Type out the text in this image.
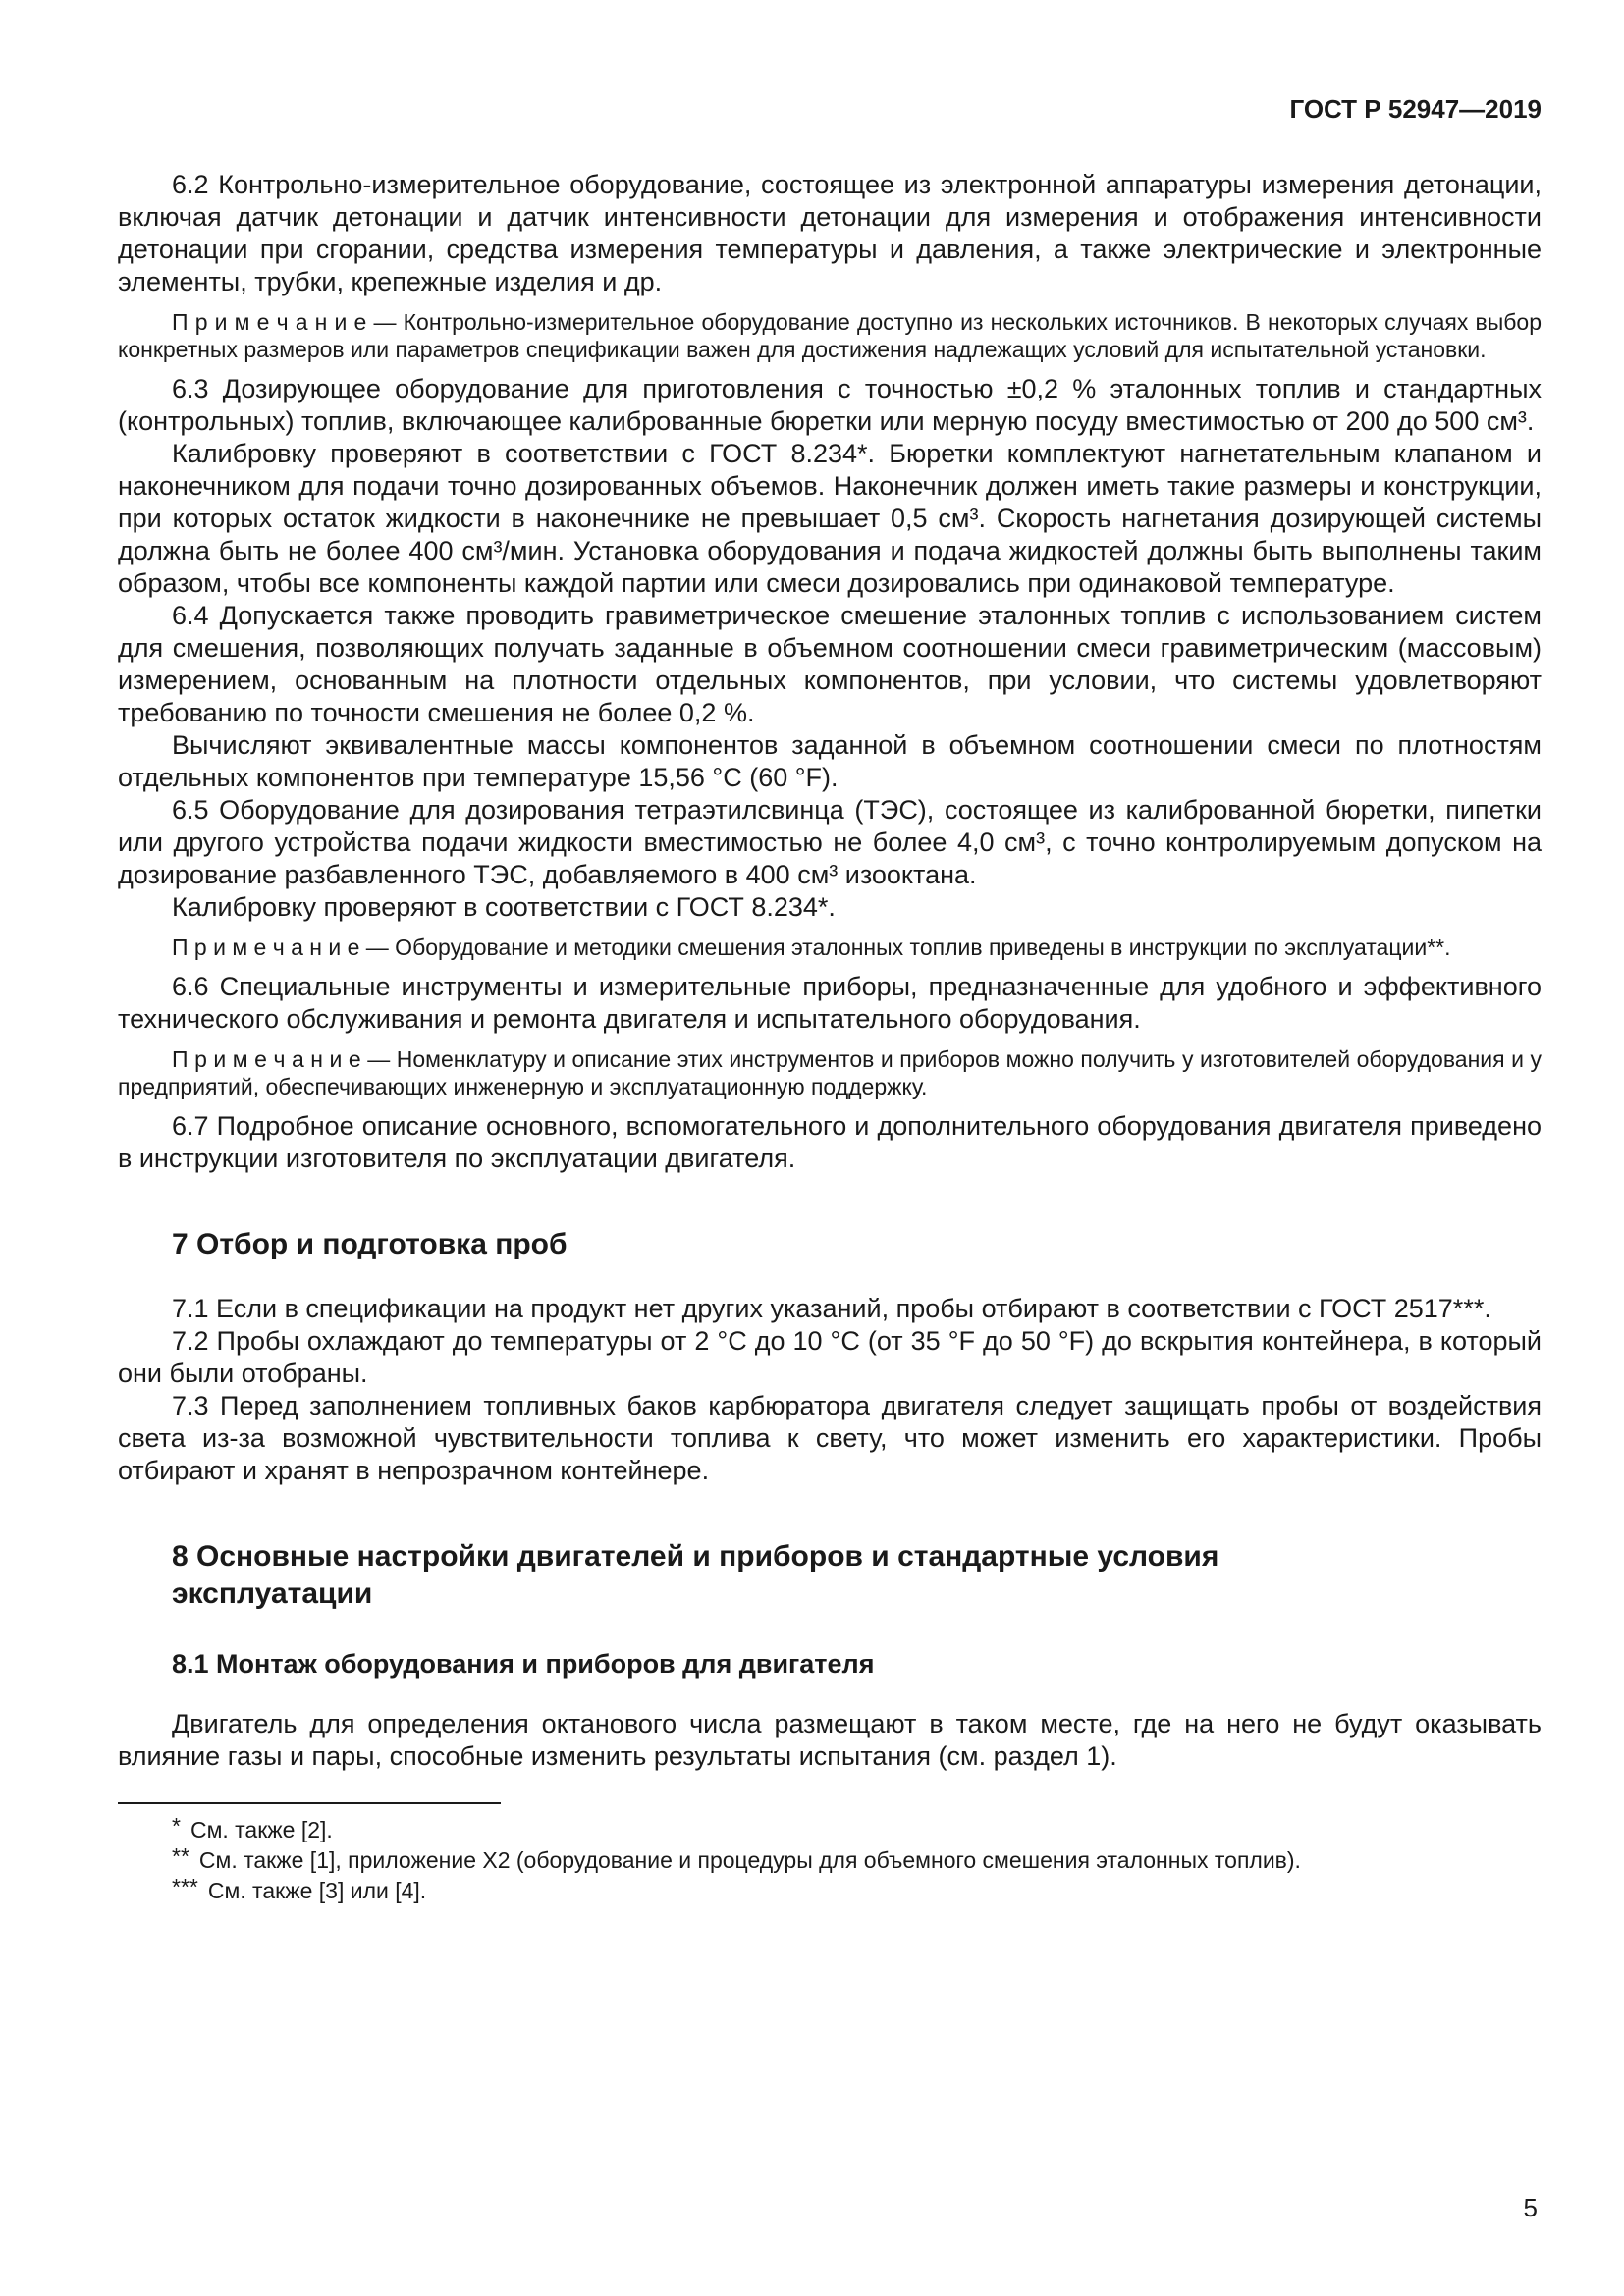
ГОСТ Р 52947—2019

6.2 Контрольно-измерительное оборудование, состоящее из электронной аппаратуры измерения детонации, включая датчик детонации и датчик интенсивности детонации для измерения и отображения интенсивности детонации при сгорании, средства измерения температуры и давления, а также электрические и электронные элементы, трубки, крепежные изделия и др.

П р и м е ч а н и е — Контрольно-измерительное оборудование доступно из нескольких источников. В некоторых случаях выбор конкретных размеров или параметров спецификации важен для достижения надлежащих условий для испытательной установки.

6.3 Дозирующее оборудование для приготовления с точностью ±0,2 % эталонных топлив и стандартных (контрольных) топлив, включающее калиброванные бюретки или мерную посуду вместимостью от 200 до 500 см³.

Калибровку проверяют в соответствии с ГОСТ 8.234*. Бюретки комплектуют нагнетательным клапаном и наконечником для подачи точно дозированных объемов. Наконечник должен иметь такие размеры и конструкции, при которых остаток жидкости в наконечнике не превышает 0,5 см³. Скорость нагнетания дозирующей системы должна быть не более 400 см³/мин. Установка оборудования и подача жидкостей должны быть выполнены таким образом, чтобы все компоненты каждой партии или смеси дозировались при одинаковой температуре.

6.4 Допускается также проводить гравиметрическое смешение эталонных топлив с использованием систем для смешения, позволяющих получать заданные в объемном соотношении смеси гравиметрическим (массовым) измерением, основанным на плотности отдельных компонентов, при условии, что системы удовлетворяют требованию по точности смешения не более 0,2 %.

Вычисляют эквивалентные массы компонентов заданной в объемном соотношении смеси по плотностям отдельных компонентов при температуре 15,56 °С (60 °F).

6.5 Оборудование для дозирования тетраэтилсвинца (ТЭС), состоящее из калиброванной бюретки, пипетки или другого устройства подачи жидкости вместимостью не более 4,0 см³, с точно контролируемым допуском на дозирование разбавленного ТЭС, добавляемого в 400 см³ изооктана.

Калибровку проверяют в соответствии с ГОСТ 8.234*.

П р и м е ч а н и е — Оборудование и методики смешения эталонных топлив приведены в инструкции по эксплуатации**.

6.6 Специальные инструменты и измерительные приборы, предназначенные для удобного и эффективного технического обслуживания и ремонта двигателя и испытательного оборудования.

П р и м е ч а н и е — Номенклатуру и описание этих инструментов и приборов можно получить у изготовителей оборудования и у предприятий, обеспечивающих инженерную и эксплуатационную поддержку.

6.7 Подробное описание основного, вспомогательного и дополнительного оборудования двигателя приведено в инструкции изготовителя по эксплуатации двигателя.

7 Отбор и подготовка проб

7.1 Если в спецификации на продукт нет других указаний, пробы отбирают в соответствии с ГОСТ 2517***.

7.2 Пробы охлаждают до температуры от 2 °С до 10 °С (от 35 °F до 50 °F) до вскрытия контейнера, в который они были отобраны.

7.3 Перед заполнением топливных баков карбюратора двигателя следует защищать пробы от воздействия света из-за возможной чувствительности топлива к свету, что может изменить его характеристики. Пробы отбирают и хранят в непрозрачном контейнере.

8 Основные настройки двигателей и приборов и стандартные условия эксплуатации
8.1 Монтаж оборудования и приборов для двигателя

Двигатель для определения октанового числа размещают в таком месте, где на него не будут оказывать влияние газы и пары, способные изменить результаты испытания (см. раздел 1).

* См. также [2].

** См. также [1], приложение Х2 (оборудование и процедуры для объемного смешения эталонных топлив).

*** См. также [3] или [4].

5
